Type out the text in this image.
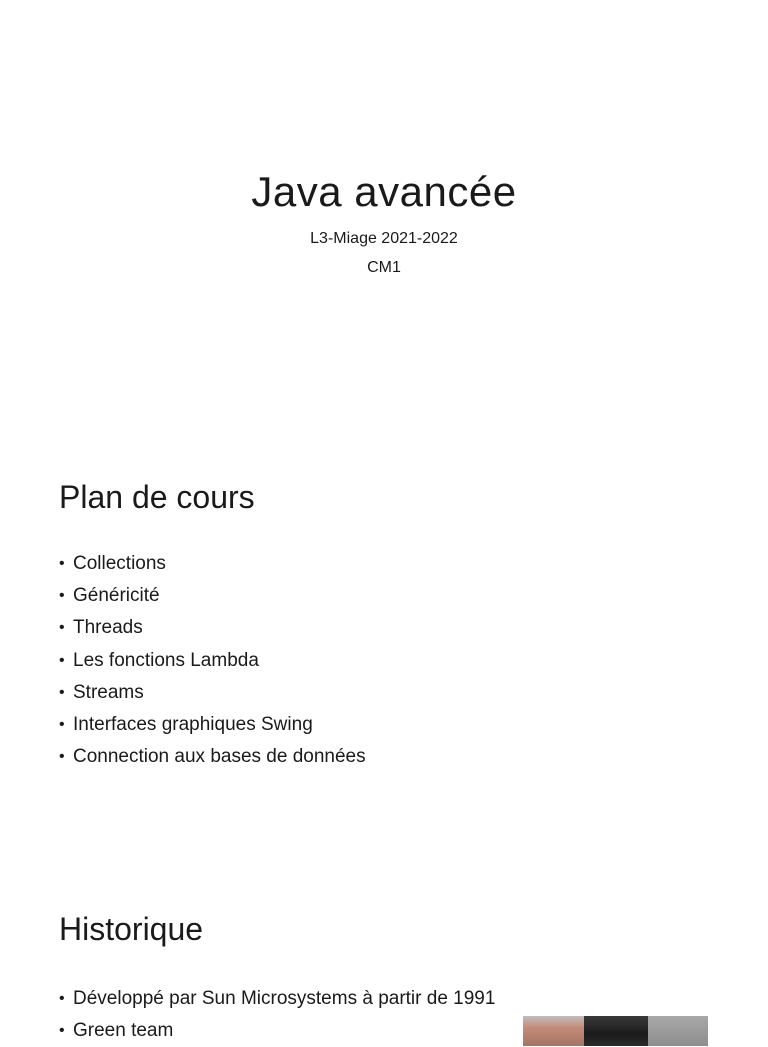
Java avancée
L3-Miage 2021-2022
CM1
Plan de cours
• Collections
• Généricité
• Threads
• Les fonctions Lambda
• Streams
• Interfaces graphiques Swing
• Connection aux bases de données
Historique
• Développé par Sun Microsystems à partir de 1991
• Green team
